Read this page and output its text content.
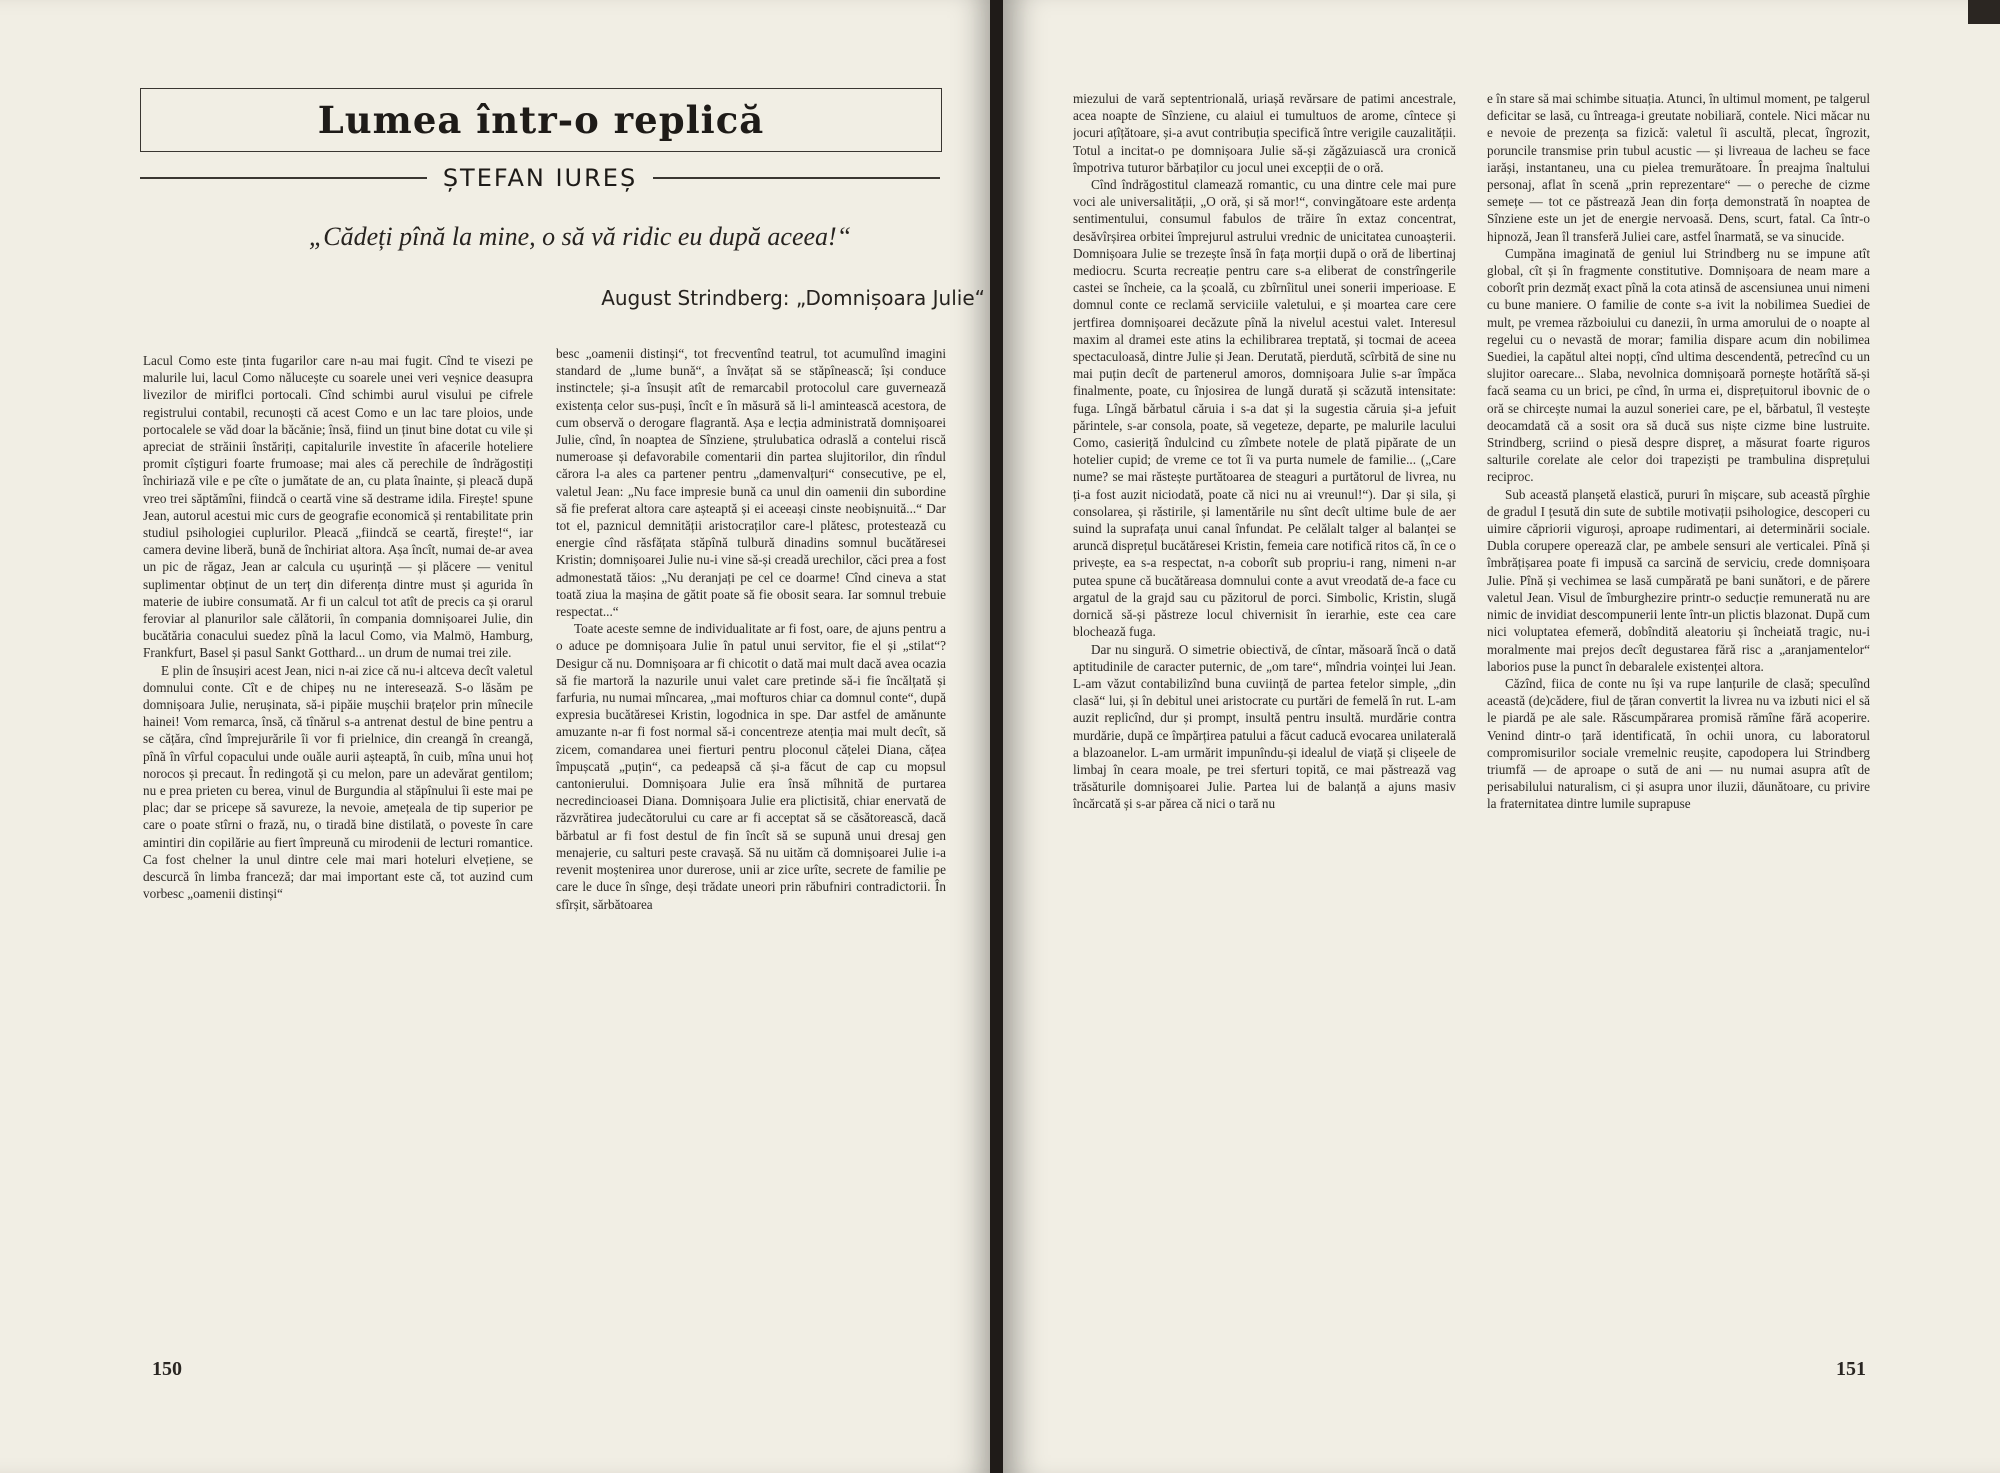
Lumea într-o replică
ȘTEFAN IUREȘ
„Cădeți pînă la mine, o să vă ridic eu după aceea!“
August Strindberg: „Domnișoara Julie“

Lacul Como este ținta fugarilor care n-au mai fugit. Cînd te visezi pe malurile lui, lacul Como nălucește cu soarele unei veri veșnice deasupra livezilor de miriflci portocali. Cînd schimbi aurul visului pe cifrele registrului contabil, recunoști că acest Como e un lac tare ploios, unde portocalele se văd doar la băcănie; însă, fiind un ținut bine dotat cu vile și apreciat de străinii înstăriți, capitalurile investite în afacerile hoteliere promit cîștiguri foarte frumoase; mai ales că perechile de îndrăgostiți închiriază vile e pe cîte o jumătate de an, cu plata înainte, și pleacă după vreo trei săptămîni, fiindcă o ceartă vine să destrame idila. Firește! spune Jean, autorul acestui mic curs de geografie economică și rentabilitate prin studiul psihologiei cuplurilor. Pleacă „fiindcă se ceartă, firește!“, iar camera devine liberă, bună de închiriat altora. Așa încît, numai de-ar avea un pic de răgaz, Jean ar calcula cu ușurință — și plăcere — venitul suplimentar obținut de un terț din diferența dintre must și agurida în materie de iubire consumată. Ar fi un calcul tot atît de precis ca și orarul feroviar al planurilor sale călătorii, în compania domnișoarei Julie, din bucătăria conacului suedez pînă la lacul Como, via Malmö, Hamburg, Frankfurt, Basel și pasul Sankt Gotthard... un drum de numai trei zile.

E plin de însușiri acest Jean, nici n-ai zice că nu-i altceva decît valetul domnului conte. Cît e de chipeș nu ne interesează. S-o lăsăm pe domnișoara Julie, nerușinata, să-i pipăie mușchii brațelor prin mînecile hainei! Vom remarca, însă, că tînărul s-a antrenat destul de bine pentru a se cățăra, cînd împrejurările îi vor fi prielnice, din creangă în creangă, pînă în vîrful copacului unde ouăle aurii așteaptă, în cuib, mîna unui hoț norocos și precaut. În redingotă și cu melon, pare un adevărat gentilom; nu e prea prieten cu berea, vinul de Burgundia al stăpînului îi este mai pe plac; dar se pricepe să savureze, la nevoie, amețeala de tip superior pe care o poate stîrni o frază, nu, o tiradă bine distilată, o poveste în care amintiri din copilărie au fiert împreună cu mirodenii de lecturi romantice. Ca fost chelner la unul dintre cele mai mari hoteluri elvețiene, se descurcă în limba franceză; dar mai important este că, tot auzind cum vorbesc „oamenii distinși“

besc „oamenii distinși“, tot frecventînd teatrul, tot acumulînd imagini standard de „lume bună“, a învățat să se stăpînească; își conduce instinctele; și-a însușit atît de remarcabil protocolul care guvernează existența celor sus-puși, încît e în măsură să li-l amintească acestora, de cum observă o derogare flagrantă. Așa e lecția administrată domnișoarei Julie, cînd, în noaptea de Sînziene, ștrulubatica odraslă a contelui riscă numeroase și defavorabile comentarii din partea slujitorilor, din rîndul cărora l-a ales ca partener pentru „damenvalțuri“ consecutive, pe el, valetul Jean: „Nu face impresie bună ca unul din oamenii din subordine să fie preferat altora care așteaptă și ei aceeași cinste neobișnuită...“ Dar tot el, paznicul demnității aristocraților care-l plătesc, protestează cu energie cînd răsfățata stăpînă tulbură dinadins somnul bucătăresei Kristin; domnișoarei Julie nu-i vine să-și creadă urechilor, căci prea a fost admonestată tăios: „Nu deranjați pe cel ce doarme! Cînd cineva a stat toată ziua la mașina de gătit poate să fie obosit seara. Iar somnul trebuie respectat...“

Toate aceste semne de individualitate ar fi fost, oare, de ajuns pentru a o aduce pe domnișoara Julie în patul unui servitor, fie el și „stilat“? Desigur că nu. Domnișoara ar fi chicotit o dată mai mult dacă avea ocazia să fie martoră la nazurile unui valet care pretinde să-i fie încălțată și farfuria, nu numai mîncarea, „mai mofturos chiar ca domnul conte“, după expresia bucătăresei Kristin, logodnica in spe. Dar astfel de amănunte amuzante n-ar fi fost normal să-i concentreze atenția mai mult decît, să zicem, comandarea unei fierturi pentru ploconul cățelei Diana, cățea împușcată „puțin“, ca pedeapsă că și-a făcut de cap cu mopsul cantonierului. Domnișoara Julie era însă mîhnită de purtarea necredincioasei Diana. Domnișoara Julie era plictisită, chiar enervată de răzvrătirea judecătorului cu care ar fi acceptat să se căsătorească, dacă bărbatul ar fi fost destul de fin încît să se supună unui dresaj gen menajerie, cu salturi peste cravașă. Să nu uităm că domnișoarei Julie i-a revenit moștenirea unor durerose, unii ar zice urîte, secrete de familie pe care le duce în sînge, deși trădate uneori prin răbufniri contradictorii. În sfîrșit, sărbătoarea

150

miezului de vară septentrională, uriașă revărsare de patimi ancestrale, acea noapte de Sînziene, cu alaiul ei tumultuos de arome, cîntece și jocuri ațîțătoare, și-a avut contribuția specifică între verigile cauzalității. Totul a incitat-o pe domnișoara Julie să-și zăgăzuiască ura cronică împotriva tuturor bărbaților cu jocul unei excepții de o oră.

Cînd îndrăgostitul clamează romantic, cu una dintre cele mai pure voci ale universalității, „O oră, și să mor!“, convingătoare este ardența sentimentului, consumul fabulos de trăire în extaz concentrat, desăvîrșirea orbitei împrejurul astrului vrednic de unicitatea cunoașterii. Domnișoara Julie se trezește însă în fața morții după o oră de libertinaj mediocru. Scurta recreație pentru care s-a eliberat de constrîngerile castei se încheie, ca la școală, cu zbîrnîitul unei sonerii imperioase. E domnul conte ce reclamă serviciile valetului, e și moartea care cere jertfirea domnișoarei decăzute pînă la nivelul acestui valet. Interesul maxim al dramei este atins la echilibrarea treptată, și tocmai de aceea spectaculoasă, dintre Julie și Jean. Derutată, pierdută, scîrbită de sine nu mai puțin decît de partenerul amoros, domnișoara Julie s-ar împăca finalmente, poate, cu înjosirea de lungă durată și scăzută intensitate: fuga. Lîngă bărbatul căruia i s-a dat și la sugestia căruia și-a jefuit părintele, s-ar consola, poate, să vegeteze, departe, pe malurile lacului Como, casieriță îndulcind cu zîmbete notele de plată pipărate de un hotelier cupid; de vreme ce tot îi va purta numele de familie... („Care nume? se mai răstește purtătoarea de steaguri a purtătorul de livrea, nu ți-a fost auzit niciodată, poate că nici nu ai vreunul!“). Dar și sila, și consolarea, și răstirile, și lamentările nu sînt decît ultime bule de aer suind la suprafața unui canal înfundat. Pe celălalt talger al balanței se aruncă disprețul bucătăresei Kristin, femeia care notifică ritos că, în ce o privește, ea s-a respectat, n-a coborît sub propriu-i rang, nimeni n-ar putea spune că bucătăreasa domnului conte a avut vreodată de-a face cu argatul de la grajd sau cu păzitorul de porci. Simbolic, Kristin, slugă dornică să-și păstreze locul chivernisit în ierarhie, este cea care blochează fuga.

Dar nu singură. O simetrie obiectivă, de cîntar, măsoară încă o dată aptitudinile de caracter puternic, de „om tare“, mîndria voinței lui Jean. L-am văzut contabilizînd buna cuviință de partea fetelor simple, „din clasă“ lui, și în debitul unei aristocrate cu purtări de femelă în rut. L-am auzit replicînd, dur și prompt, insultă pentru insultă. murdărie contra murdărie, după ce împărțirea patului a făcut caducă evocarea unilaterală a blazoanelor. L-am urmărit impunîndu-și idealul de viață și clișeele de limbaj în ceara moale, pe trei sferturi topită, ce mai păstrează vag trăsăturile domnișoarei Julie. Partea lui de balanță a ajuns masiv încărcată și s-ar părea că nici o tară nu

e în stare să mai schimbe situația. Atunci, în ultimul moment, pe talgerul deficitar se lasă, cu întreaga-i greutate nobiliară, contele. Nici măcar nu e nevoie de prezența sa fizică: valetul îi ascultă, plecat, îngrozit, poruncile transmise prin tubul acustic — și livreaua de lacheu se face iarăși, instantaneu, una cu pielea tremurătoare. În preajma înaltului personaj, aflat în scenă „prin reprezentare“ — o pereche de cizme semețe — tot ce păstrează Jean din forța demonstrată în noaptea de Sînziene este un jet de energie nervoasă. Dens, scurt, fatal. Ca într-o hipnoză, Jean îl transferă Juliei care, astfel înarmată, se va sinucide.

Cumpăna imaginată de geniul lui Strindberg nu se impune atît global, cît și în fragmente constitutive. Domnișoara de neam mare a coborît prin dezmăț exact pînă la cota atinsă de ascensiunea unui nimeni cu bune maniere. O familie de conte s-a ivit la nobilimea Suediei de mult, pe vremea războiului cu danezii, în urma amorului de o noapte al regelui cu o nevastă de morar; familia dispare acum din nobilimea Suediei, la capătul altei nopți, cînd ultima descendentă, petrecînd cu un slujitor oarecare... Slaba, nevolnica domnișoară pornește hotărîtă să-și facă seama cu un brici, pe cînd, în urma ei, disprețuitorul ibovnic de o oră se chircește numai la auzul soneriei care, pe el, bărbatul, îl vestește deocamdată că a sosit ora să ducă sus niște cizme bine lustruite. Strindberg, scriind o piesă despre dispreț, a măsurat foarte riguros salturile corelate ale celor doi trapeziști pe trambulina disprețului reciproc.

Sub această planșetă elastică, pururi în mișcare, sub această pîrghie de gradul I țesută din sute de subtile motivații psihologice, descoperi cu uimire căpriorii viguroși, aproape rudimentari, ai determinării sociale. Dubla corupere operează clar, pe ambele sensuri ale verticalei. Pînă și îmbrățișarea poate fi impusă ca sarcină de serviciu, crede domnișoara Julie. Pînă și vechimea se lasă cumpărată pe bani sunători, e de părere valetul Jean. Visul de îmburghezire printr-o seducție remunerată nu are nimic de invidiat descompunerii lente într-un plictis blazonat. După cum nici voluptatea efemeră, dobîndită aleatoriu și încheiată tragic, nu-i moralmente mai prejos decît degustarea fără risc a „aranjamentelor“ laborios puse la punct în debaralele existenței altora.

Căzînd, fiica de conte nu își va rupe lanțurile de clasă; speculînd această (de)cădere, fiul de țăran convertit la livrea nu va izbuti nici el să le piardă pe ale sale. Răscumpărarea promisă rămîne fără acoperire. Venind dintr-o țară identificată, în ochii unora, cu laboratorul compromisurilor sociale vremelnic reușite, capodopera lui Strindberg triumfă — de aproape o sută de ani — nu numai asupra atît de perisabilului naturalism, ci și asupra unor iluzii, dăunătoare, cu privire la fraternitatea dintre lumile suprapuse

151
